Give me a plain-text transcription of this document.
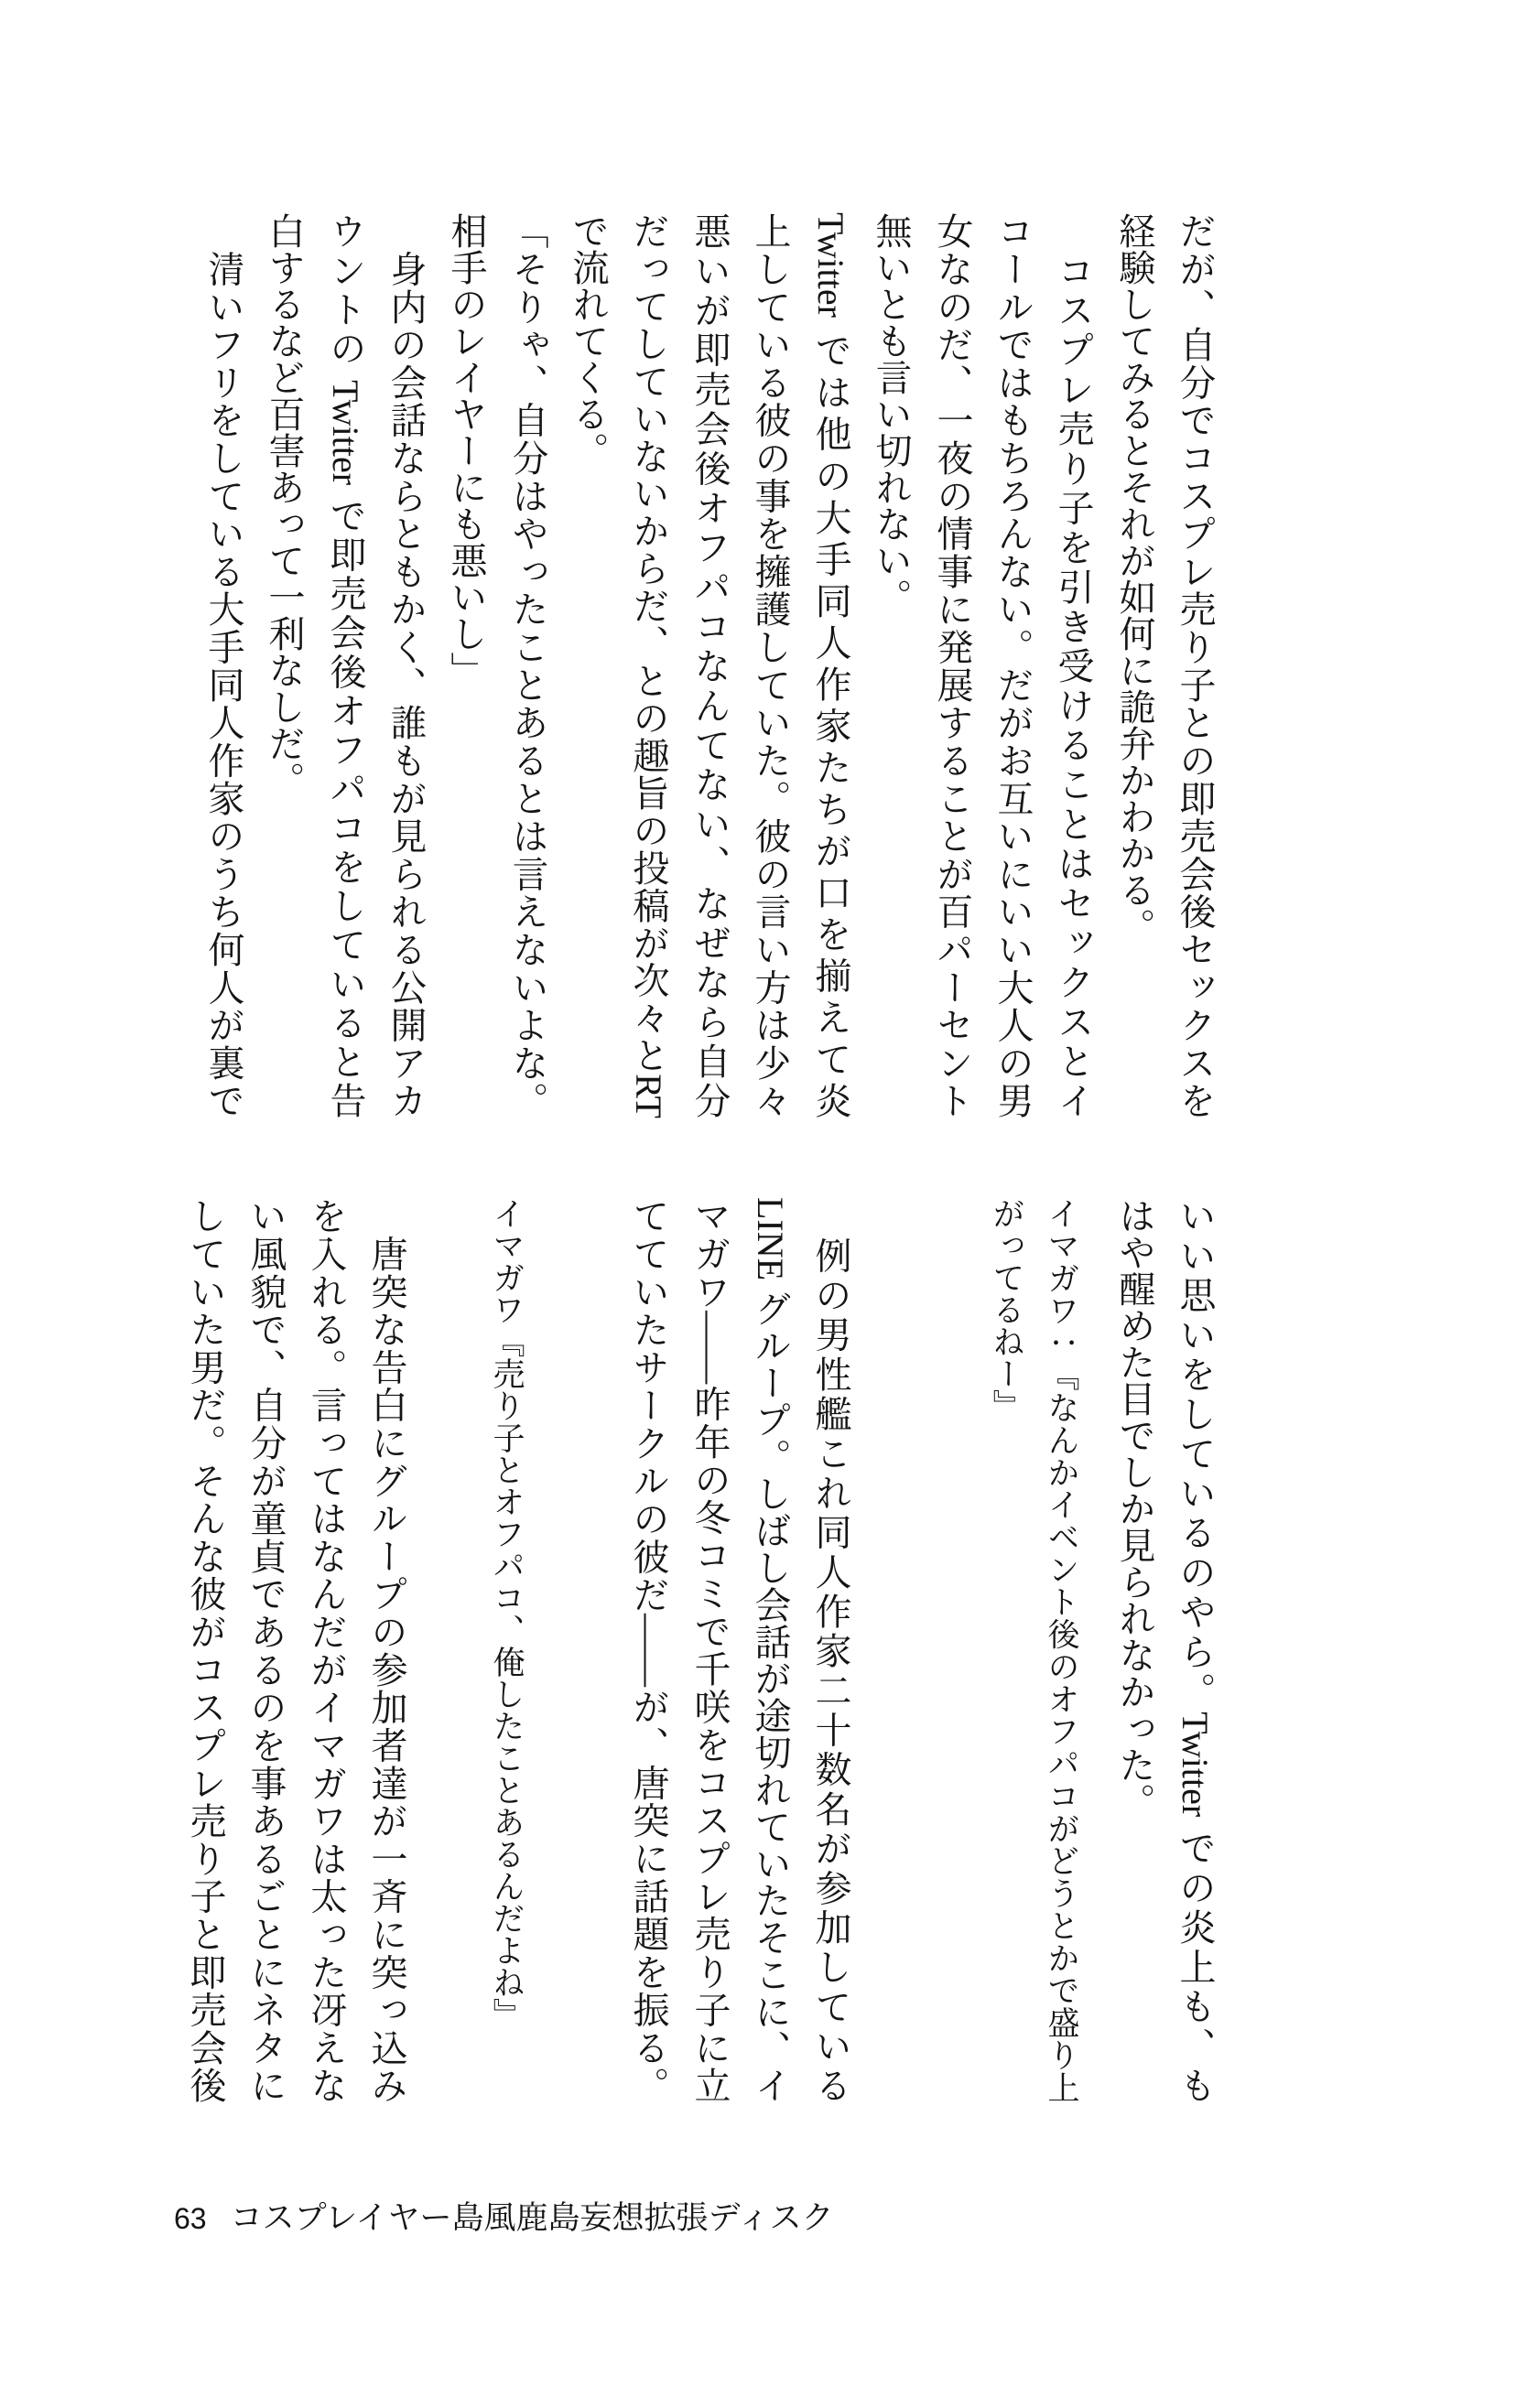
だが、自分でコスプレ売り子との即売会後セックスを
経験してみるとそれが如何に詭弁かわかる。
　コスプレ売り子を引き受けることはセックスとイ
コールではもちろんない。だがお互いにいい大人の男
女なのだ、一夜の情事に発展することが百パーセント
無いとも言い切れない。
Twitter では他の大手同人作家たちが口を揃えて炎
上している彼の事を擁護していた。彼の言い方は少々
悪いが即売会後オフパコなんてない、なぜなら自分
だってしていないからだ、との趣旨の投稿が次々とRT
で流れてくる。
「そりゃ、自分はやったことあるとは言えないよな。
相手のレイヤーにも悪いし」
　身内の会話ならともかく、誰もが見られる公開アカ
ウントの Twitter で即売会後オフパコをしていると告
白するなど百害あって一利なしだ。
　清いフリをしている大手同人作家のうち何人が裏で
いい思いをしているのやら。Twitter での炎上も、も
はや醒めた目でしか見られなかった。
イマガワ：『なんかイベント後のオフパコがどうとかで盛り上
がってるねー』
　例の男性艦これ同人作家二十数名が参加している
LINE グループ。しばし会話が途切れていたそこに、イ
マガワ――昨年の冬コミで千咲をコスプレ売り子に立
てていたサークルの彼だ――が、唐突に話題を振る。
イマガワ『売り子とオフパコ、俺したことあるんだよね』
　唐突な告白にグループの参加者達が一斉に突っ込み
を入れる。言ってはなんだがイマガワは太った冴えな
い風貌で、自分が童貞であるのを事あるごとにネタに
していた男だ。そんな彼がコスプレ売り子と即売会後
63 コスプレイヤー島風鹿島妄想拡張ディスク
